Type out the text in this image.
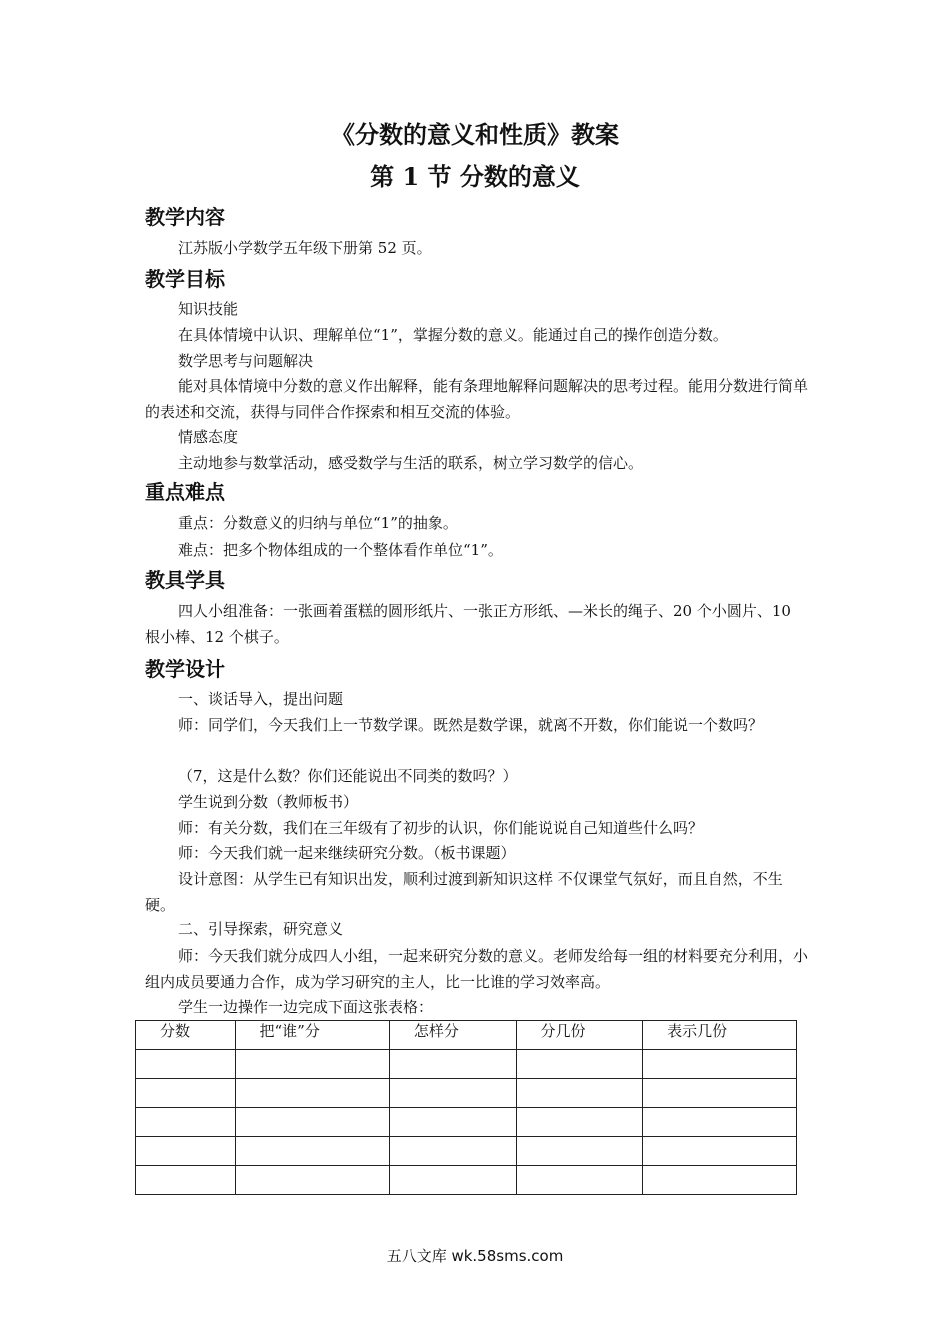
《分数的意义和性质》教案
第 1 节 分数的意义
教学内容
江苏版小学数学五年级下册第 52 页。
教学目标
知识技能
在具体情境中认识、理解单位“1”，掌握分数的意义。能通过自己的操作创造分数。
数学思考与问题解决
能对具体情境中分数的意义作出解释，能有条理地解释问题解决的思考过程。能用分数进行简单的表述和交流，获得与同伴合作探索和相互交流的体验。
情感态度
主动地参与数掌活动，感受数学与生活的联系，树立学习数学的信心。
重点难点
重点：分数意义的归纳与单位“1”的抽象。
难点：把多个物体组成的一个整体看作单位“1”。
教具学具
四人小组准备：一张画着蛋糕的圆形纸片、一张正方形纸、—米长的绳子、20 个小圆片、10 根小棒、12 个棋子。
教学设计
一、谈话导入，提出问题
师：同学们，今天我们上一节数学课。既然是数学课，就离不开数，你们能说一个数吗？
（7，这是什么数？你们还能说出不同类的数吗？）
学生说到分数（教师板书）
师：有关分数，我们在三年级有了初步的认识，你们能说说自己知道些什么吗？
师：今天我们就一起来继续研究分数。（板书课题）
设计意图：从学生已有知识出发，顺利过渡到新知识这样 不仅课堂气氛好，而且自然，不生硬。
二、引导探索，研究意义
师：今天我们就分成四人小组，一起来研究分数的意义。老师发给每一组的材料要充分利用，小组内成员要通力合作，成为学习研究的主人，比一比谁的学习效率高。
学生一边操作一边完成下面这张表格：
分数	把“谁”分	怎样分	分几份	表示几份

五八文库 wk.58sms.com
